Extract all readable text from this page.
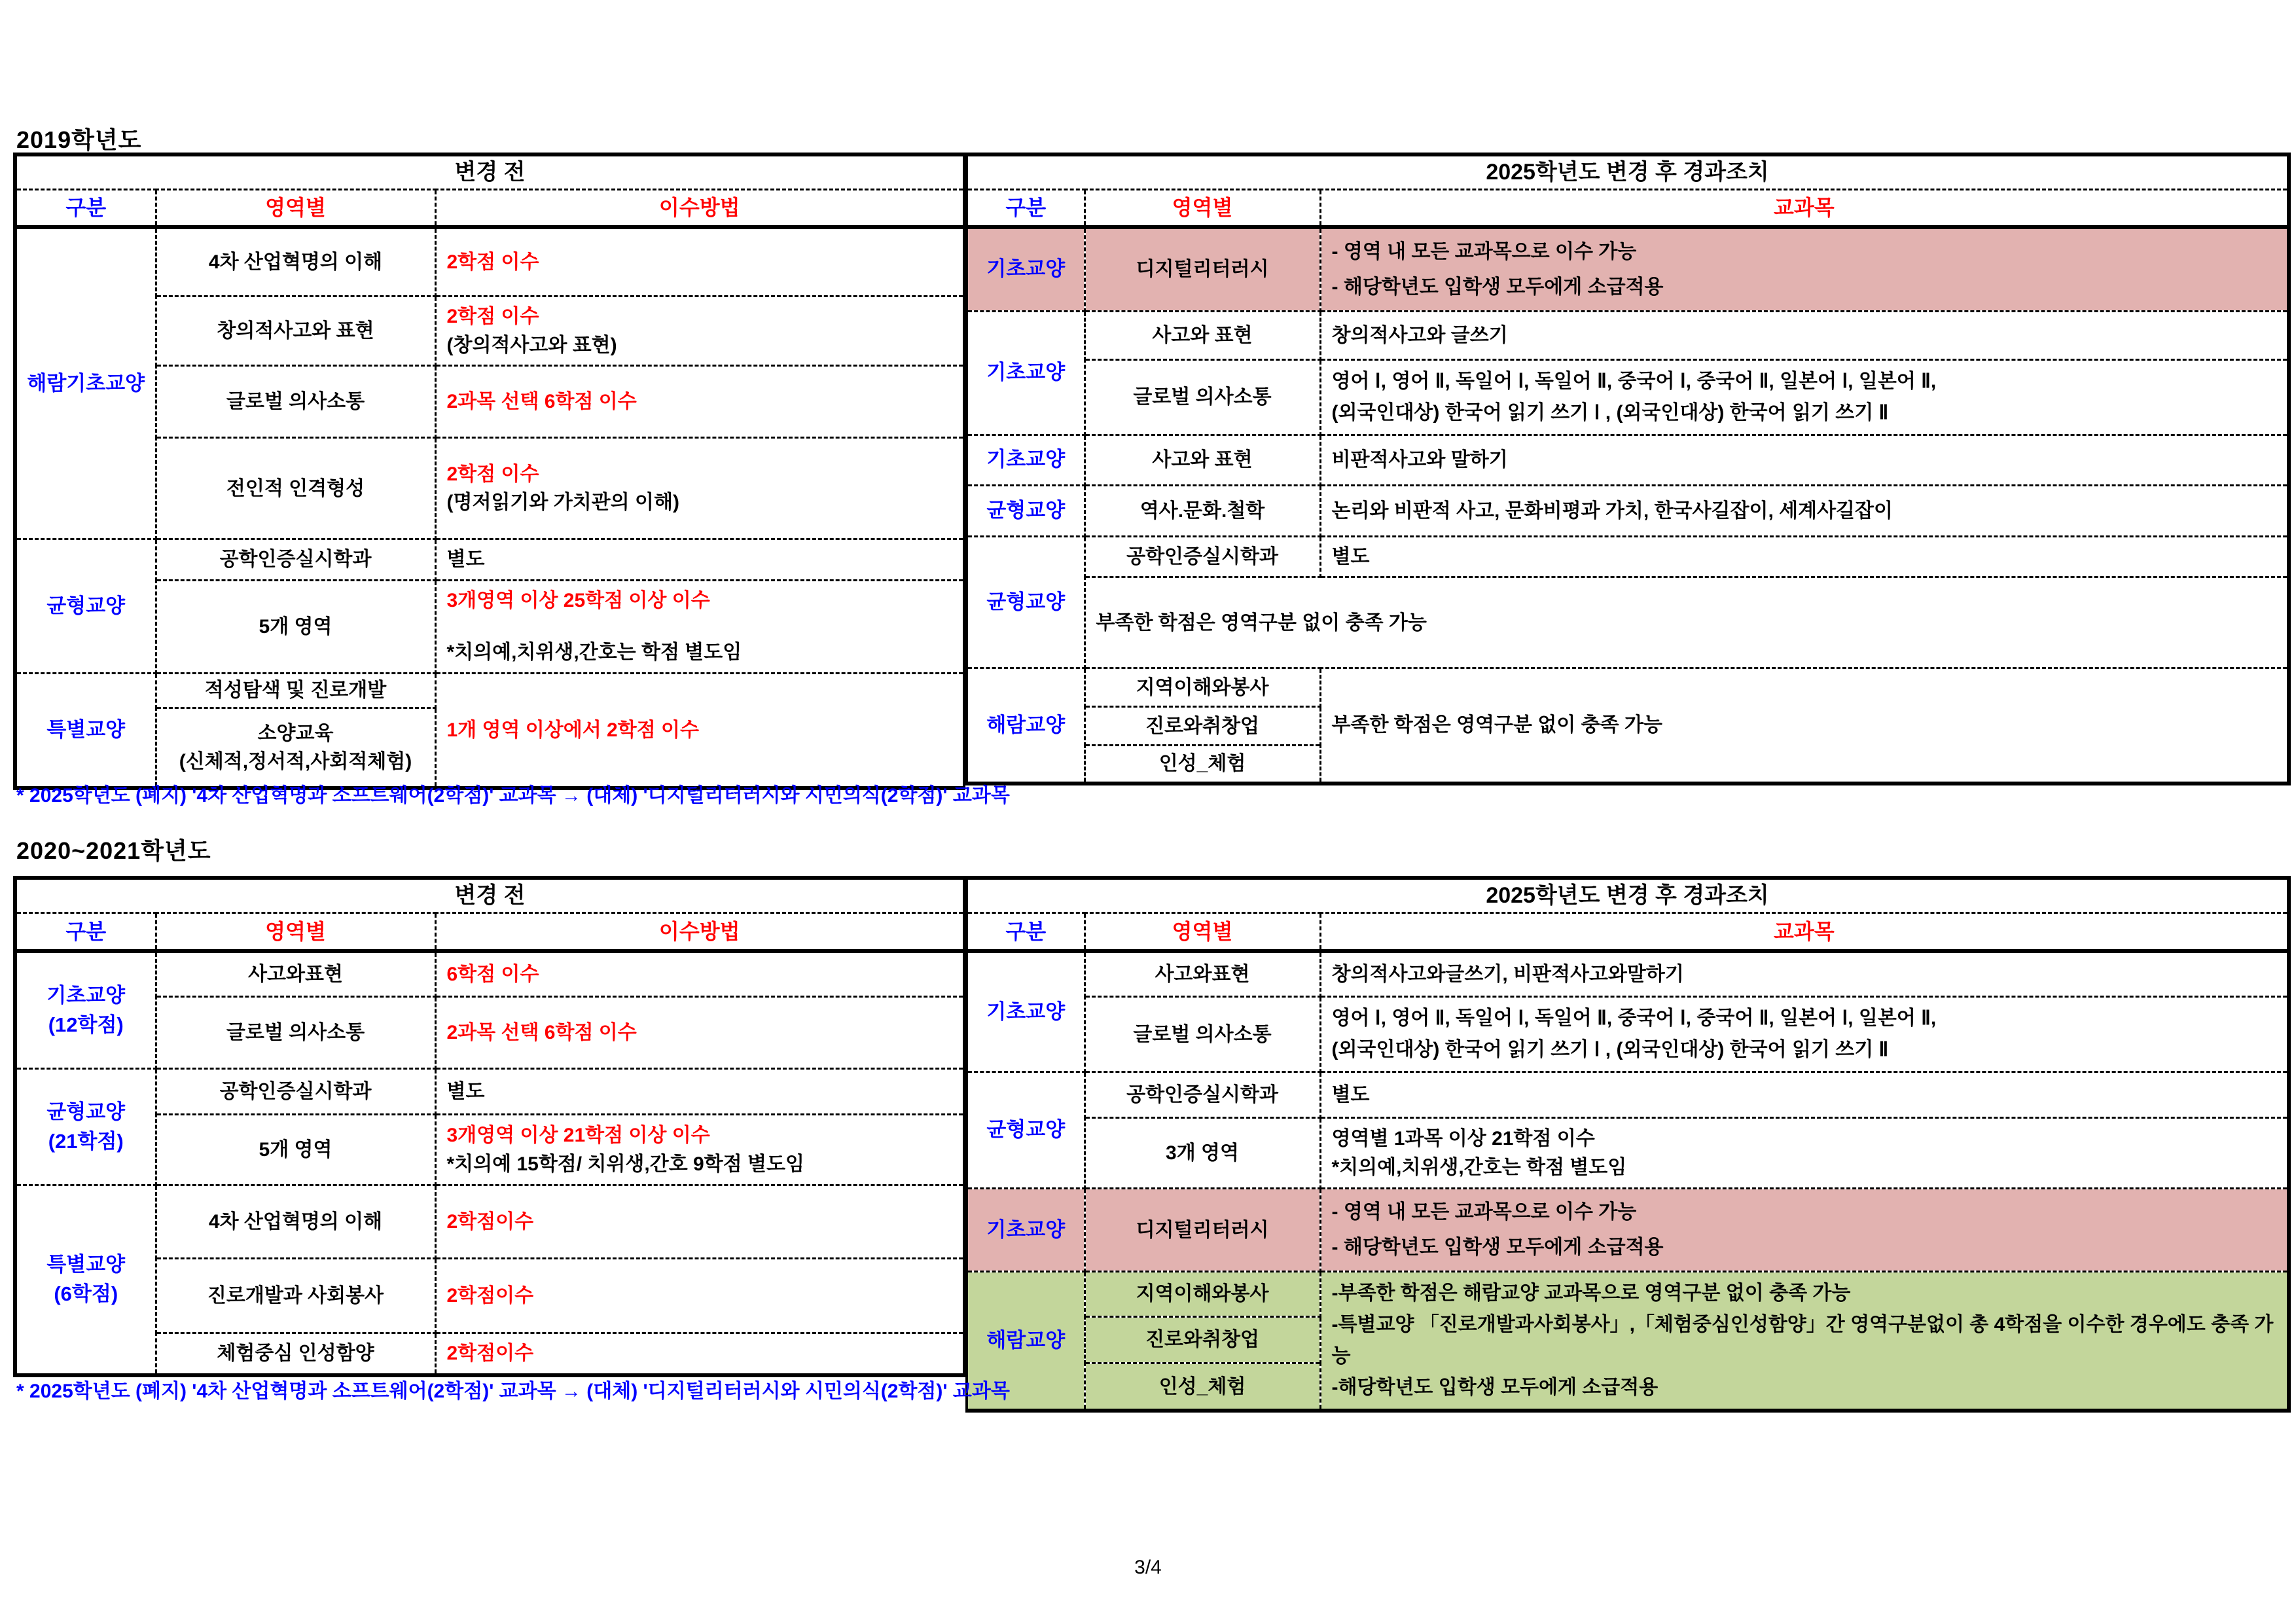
2019학년도
변경 전		
구분	영역별	이수방법
해람기초교양	4차 산업혁명의 이해	2학점 이수
	창의적사고와 표현	2학점 이수
(창의적사고와 표현)

	글로벌 의사소통	2과목 선택 6학점 이수
	전인적 인격형성	2학점 이수
(명저읽기와 가치관의 이해)

균형교양	공학인증실시학과	별도
	5개 영역	3개영역 이상 25학점 이상 이수
*치의예,치위생,간호는 학점 별도임

특별교양	적성탐색 및 진로개발	1개 영역 이상에서 2학점 이수

	소양교육
(신체적,정서적,사회적체험)	
2025학년도 변경 후 경과조치		
구분	영역별	교과목
기초교양	디지털리터러시	- 영역 내 모든 교과목으로 이수 가능
- 해당학년도 입학생 모두에게 소급적용

기초교양	사고와 표현	창의적사고와 글쓰기
	글로벌 의사소통	영어 Ⅰ, 영어 Ⅱ, 독일어 Ⅰ, 독일어 Ⅱ, 중국어 Ⅰ, 중국어 Ⅱ, 일본어 Ⅰ, 일본어 Ⅱ,
(외국인대상) 한국어 읽기 쓰기 Ⅰ , (외국인대상) 한국어 읽기 쓰기 Ⅱ

기초교양	사고와 표현	비판적사고와 말하기
균형교양	역사.문화.철학	논리와 비판적 사고, 문화비평과 가치, 한국사길잡이, 세계사길잡이
균형교양	공학인증실시학과	별도
	부족한 학점은 영역구분 없이 충족 가능	
해람교양	지역이해와봉사	부족한 학점은 영역구분 없이 충족 가능
	진로와취창업	
	인성_체험	
* 2025학년도 (폐지) '4차 산업혁명과 소프트웨어(2학점)' 교과목 → (대체) '디지털리터러시와 시민의식(2학점)' 교과목
2020~2021학년도
변경 전		
구분	영역별	이수방법

기초교양
(12학점)	사고와표현	6학점 이수
	글로벌 의사소통	2과목 선택 6학점 이수

균형교양
(21학점)	공학인증실시학과	별도
	5개 영역	3개영역 이상 21학점 이상 이수
*치의예 15학점/ 치위생,간호 9학점 별도임

특별교양
(6학점)	4차 산업혁명의 이해	2학점이수
	진로개발과 사회봉사	2학점이수
	체험중심 인성함양	2학점이수
2025학년도 변경 후 경과조치		
구분	영역별	교과목
기초교양	사고와표현	창의적사고와글쓰기, 비판적사고와말하기
	글로벌 의사소통	영어 Ⅰ, 영어 Ⅱ, 독일어 Ⅰ, 독일어 Ⅱ, 중국어 Ⅰ, 중국어 Ⅱ, 일본어 Ⅰ, 일본어 Ⅱ,
(외국인대상) 한국어 읽기 쓰기 Ⅰ , (외국인대상) 한국어 읽기 쓰기 Ⅱ

균형교양	공학인증실시학과	별도
	3개 영역	영역별 1과목 이상 21학점 이수
*치의예,치위생,간호는 학점 별도임

기초교양	디지털리터러시	- 영역 내 모든 교과목으로 이수 가능
- 해당학년도 입학생 모두에게 소급적용

해람교양	지역이해와봉사	-부족한 학점은 해람교양 교과목으로 영역구분 없이 충족 가능
-특별교양 「진로개발과사회봉사」,「체험중심인성함양」간 영역구분없이 총 4학점을 이수한 경우에도 충족 가능
-해당학년도 입학생 모두에게 소급적용

	진로와취창업	
	인성_체험	
* 2025학년도 (폐지) '4차 산업혁명과 소프트웨어(2학점)' 교과목 → (대체) '디지털리터러시와 시민의식(2학점)' 교과목
3/4
